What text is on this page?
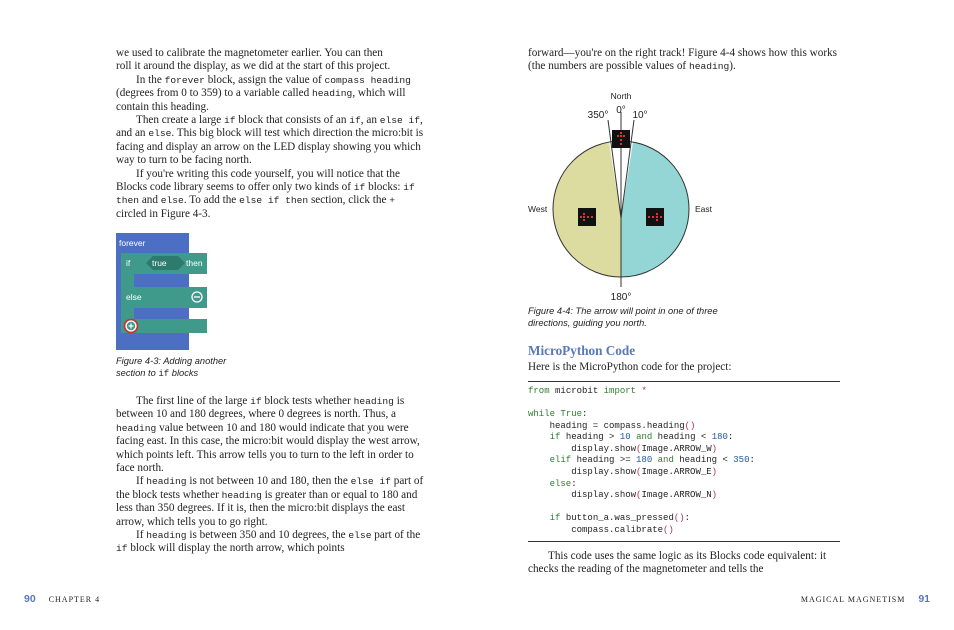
we used to calibrate the magnetometer earlier. You can then
roll it around the display, as we did at the start of this project.

In the forever block, assign the value of compass heading (degrees from 0 to 359) to a variable called heading, which will contain this heading.

Then create a large if block that consists of an if, an else if, and an else. This big block will test which direction the micro:bit is facing and display an arrow on the LED display showing you which way to turn to be facing north.

If you're writing this code yourself, you will notice that the Blocks code library seems to offer only two kinds of if blocks: if then and else. To add the else if then section, click the + circled in Figure 4-3.

forever
if	true then
else
Figure 4-3: Adding another section to if blocks

The first line of the large if block tests whether heading is between 10 and 180 degrees, where 0 degrees is north. Thus, a heading value between 10 and 180 would indicate that you were facing east. In this case, the micro:bit would display the west arrow, which points left. This arrow tells you to turn to the left in order to face north.

If heading is not between 10 and 180, then the else if part of the block tests whether heading is greater than or equal to 180 and less than 350 degrees. If it is, then the micro:bit displays the east arrow, which tells you to go right.

If heading is between 350 and 10 degrees, the else part of the if block will display the north arrow, which points

90 CHAPTER 4

forward—you're on the right track! Figure 4-4 shows how this works (the numbers are possible values of heading).

North
350° 0° 10°
West	East
180°
Figure 4-4: The arrow will point in one of three directions, guiding you north.
MicroPython Code

Here is the MicroPython code for the project:

from microbit import *

while True:
heading = compass.heading()
if heading > 10 and heading < 180:
display.show(Image.ARROW_W)
elif heading >= 180 and heading < 350:
display.show(Image.ARROW_E)
else:
display.show(Image.ARROW_N)

if button_a.was_pressed():
compass.calibrate()

This code uses the same logic as its Blocks code equivalent: it checks the reading of the magnetometer and tells the

MAGICAL MAGNETISM 91
